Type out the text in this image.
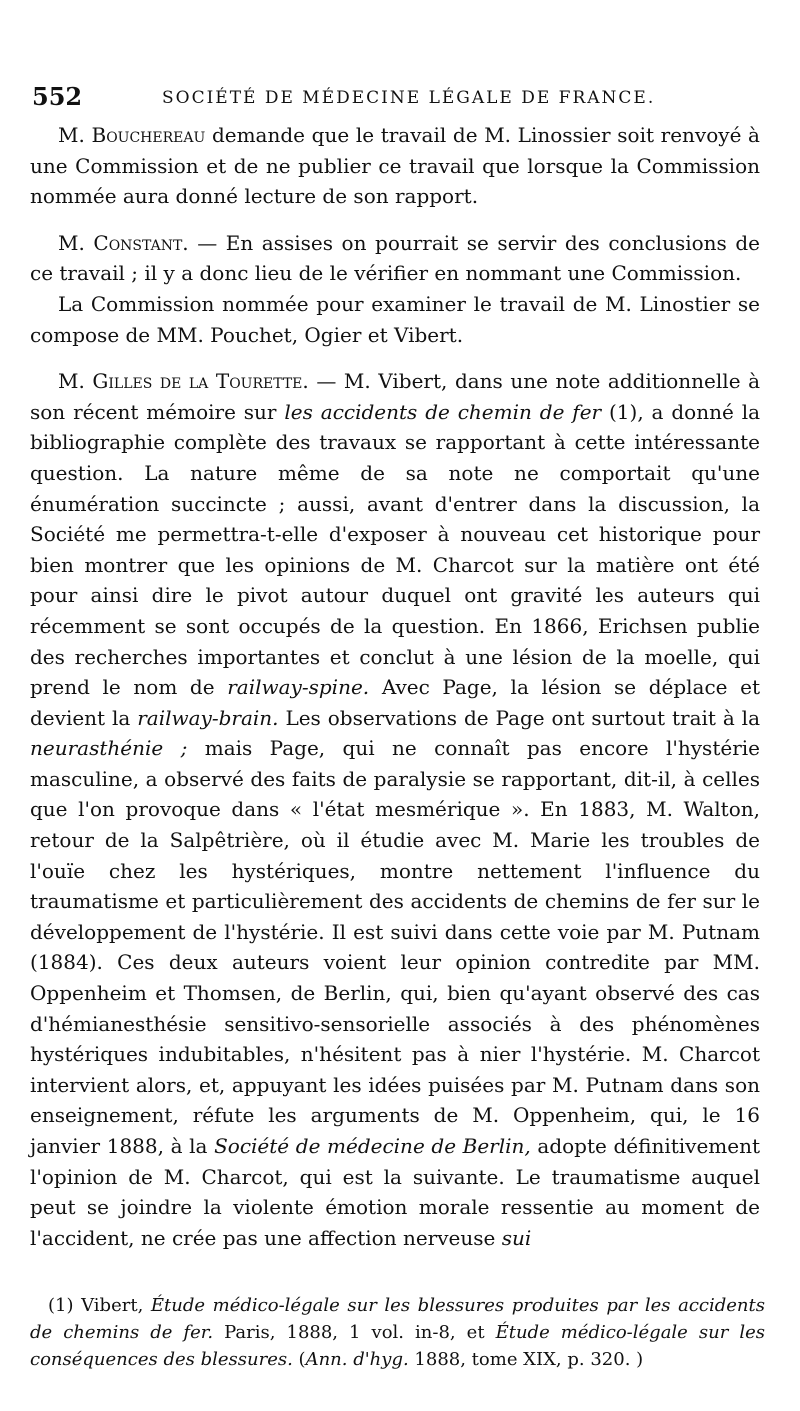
552	SOCIÉTÉ DE MÉDECINE LÉGALE DE FRANCE.

M. Bouchereau demande que le travail de M. Linossier soit renvoyé à une Commission et de ne publier ce travail que lorsque la Commission nommée aura donné lecture de son rapport.

M. Constant. — En assises on pourrait se servir des conclusions de ce travail ; il y a donc lieu de le vérifier en nommant une Commission.

La Commission nommée pour examiner le travail de M. Linostier se compose de MM. Pouchet, Ogier et Vibert.

M. Gilles de la Tourette. — M. Vibert, dans une note additionnelle à son récent mémoire sur les accidents de chemin de fer (1), a donné la bibliographie complète des travaux se rapportant à cette intéressante question. La nature même de sa note ne comportait qu'une énumération succincte ; aussi, avant d'entrer dans la discussion, la Société me permettra-t-elle d'exposer à nouveau cet historique pour bien montrer que les opinions de M. Charcot sur la matière ont été pour ainsi dire le pivot autour duquel ont gravité les auteurs qui récemment se sont occupés de la question. En 1866, Erichsen publie des recherches importantes et conclut à une lésion de la moelle, qui prend le nom de railway-spine. Avec Page, la lésion se déplace et devient la railway-brain. Les observations de Page ont surtout trait à la neurasthénie ; mais Page, qui ne connaît pas encore l'hystérie masculine, a observé des faits de paralysie se rapportant, dit-il, à celles que l'on provoque dans « l'état mesmérique ». En 1883, M. Walton, retour de la Salpêtrière, où il étudie avec M. Marie les troubles de l'ouïe chez les hystériques, montre nettement l'influence du traumatisme et particulièrement des accidents de chemins de fer sur le développement de l'hystérie. Il est suivi dans cette voie par M. Putnam (1884). Ces deux auteurs voient leur opinion contredite par MM. Oppenheim et Thomsen, de Berlin, qui, bien qu'ayant observé des cas d'hémianesthésie sensitivo-sensorielle associés à des phénomènes hystériques indubitables, n'hésitent pas à nier l'hystérie. M. Charcot intervient alors, et, appuyant les idées puisées par M. Putnam dans son enseignement, réfute les arguments de M. Oppenheim, qui, le 16 janvier 1888, à la Société de médecine de Berlin, adopte définitivement l'opinion de M. Charcot, qui est la suivante. Le traumatisme auquel peut se joindre la violente émotion morale ressentie au moment de l'accident, ne crée pas une affection nerveuse sui

(1) Vibert, Étude médico-légale sur les blessures produites par les accidents de chemins de fer. Paris, 1888, 1 vol. in-8, et Étude médico-légale sur les conséquences des blessures. (Ann. d'hyg. 1888, tome XIX, p. 320. )
